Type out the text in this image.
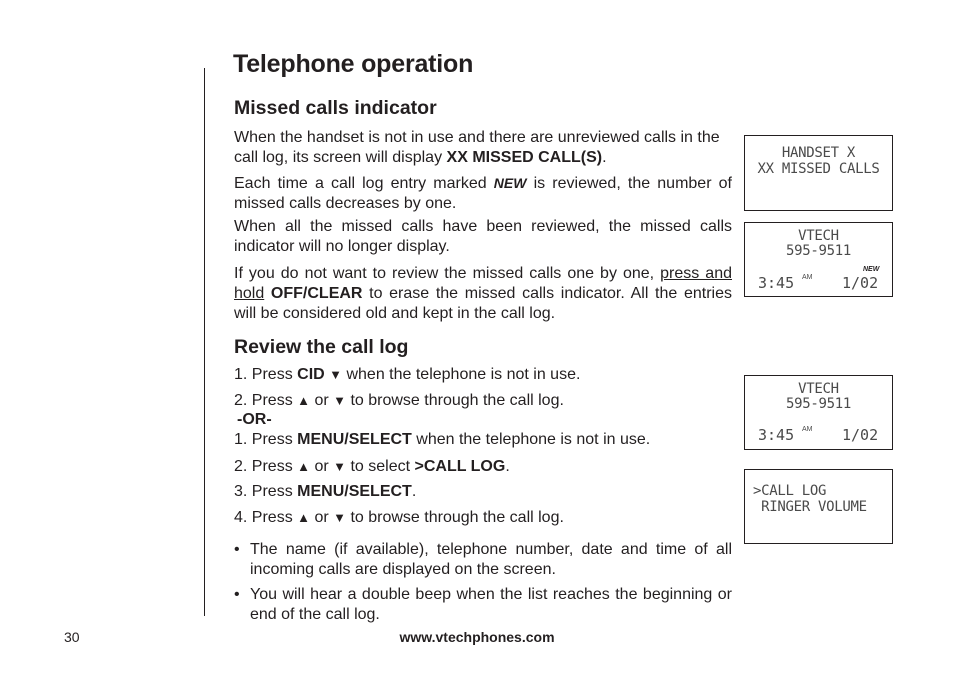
Telephone operation
Missed calls indicator
When the handset is not in use and there are unreviewed calls in the call log, its screen will display XX MISSED CALL(S).
Each time a call log entry marked NEW is reviewed, the number of missed calls decreases by one.
When all the missed calls have been reviewed, the missed calls indicator will no longer display.
If you do not want to review the missed calls one by one, press and hold OFF/CLEAR to erase the missed calls indicator. All the entries will be considered old and kept in the call log.
Review the call log
1. Press CID ▼ when the telephone is not in use.
2. Press ▲ or ▼ to browse through the call log.
-OR-
1. Press MENU/SELECT when the telephone is not in use.
2. Press ▲ or ▼ to select >CALL LOG.
3. Press MENU/SELECT.
4. Press ▲ or ▼ to browse through the call log.
• The name (if available), telephone number, date and time of all incoming calls are displayed on the screen.
• You will hear a double beep when the list reaches the beginning or end of the call log.
HANDSET X
XX MISSED CALLS
VTECH
595-9511
NEW
3:45 AM 1/02
VTECH
595-9511
3:45 AM 1/02
>CALL LOG
RINGER VOLUME
30	www.vtechphones.com
